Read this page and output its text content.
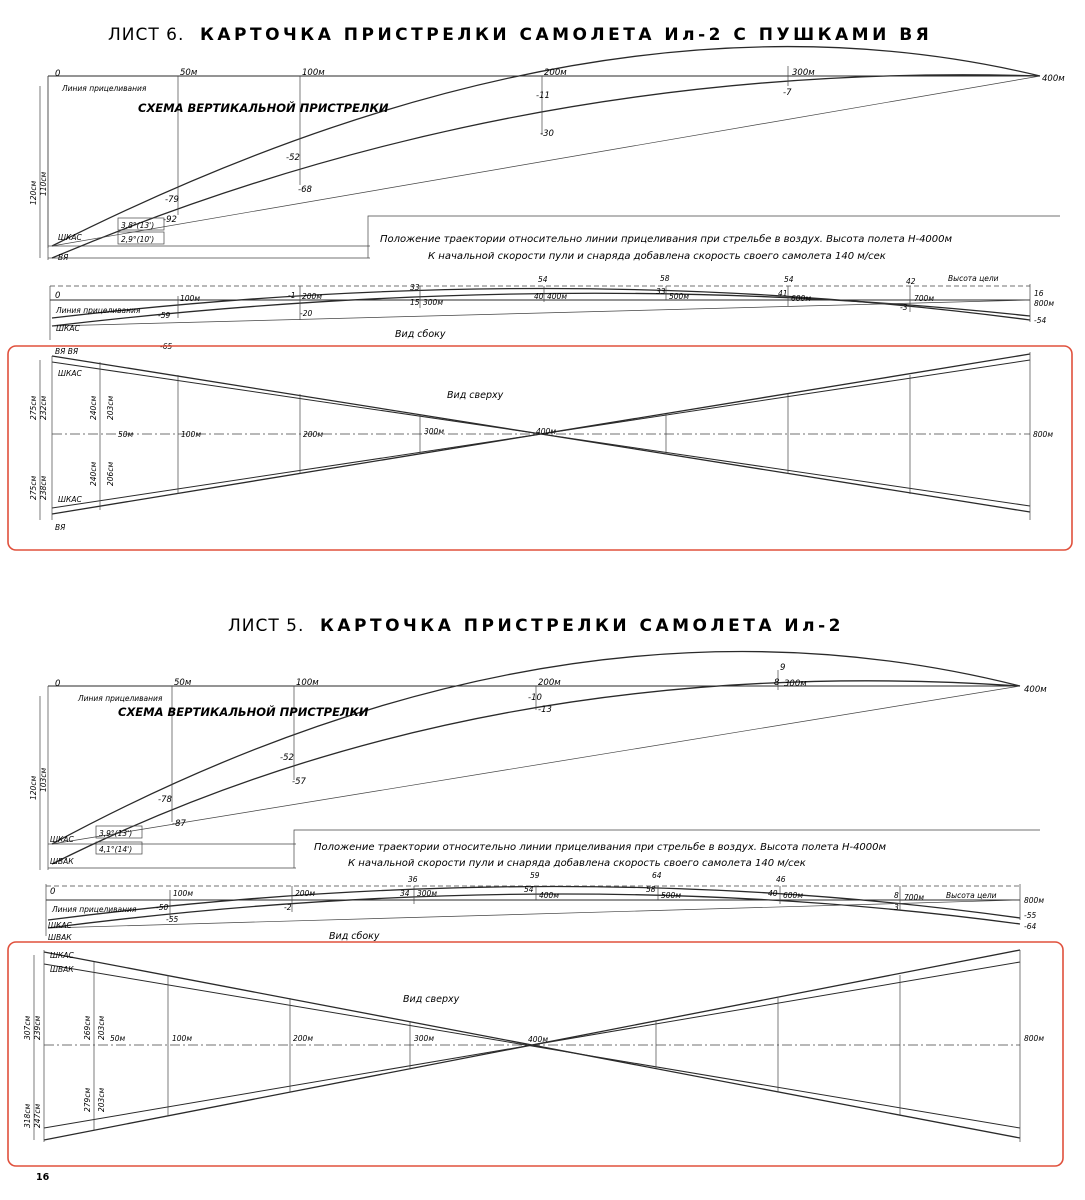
ЛИСТ 6. КАРТОЧКА ПРИСТРЕЛКИ САМОЛЕТА Ил-2 С ПУШКАМИ ВЯ
0
Линия прицеливания
50м	100м	200м	300м
400м
СХЕМА ВЕРТИКАЛЬНОЙ ПРИСТРЕЛКИ
-79
-92
-52
-68
-11
-30
-7
120см 110см
ШКАС
ВЯ
3,8°(13')
2,9°(10')	Положение траектории относительно линии прицеливания при стрельбе в воздух. Высота полета Н-4000м
К начальной скорости пули и снаряда добавлена скорость своего самолета 140 м/сек
0
Линия прицеливания
ШКАС
Вид сбоку
Высота цели
100м	200м
300м
400м	500м	600м	700м
800м
-59
-1
-20
33
15
54
40
58
33
54
41
42
-3
16
-54
-65
ВЯ ВЯ
ШКАС
ШКАС
ВЯ
Вид сверху
50м	100м	200м	300м	400м	800м
275см 232см
275см 238см
240см 203см
240см 206см
ЛИСТ 5. КАРТОЧКА ПРИСТРЕЛКИ САМОЛЕТА Ил-2
0
Линия прицеливания
50м	100м	200м	300м
400м
СХЕМА ВЕРТИКАЛЬНОЙ ПРИСТРЕЛКИ
-78
-87
-52
-57
-10
-13
9
8
120см 103см
ШКАС
ШВАК
3,9°(13')
4,1°(14')	Положение траектории относительно линии прицеливания при стрельбе в воздух. Высота полета Н-4000м
К начальной скорости пули и снаряда добавлена скорость своего самолета 140 м/сек
0
Линия прицеливания
ШКАС
ШВАК	Вид сбоку
Высота цели
100м	200м	300м	400м	500м	600м	700м	800м
-50
-55
-2
36
34
59
54
64
58
46
40	8
3
-55
-64
ШКАС
ШВАК
Вид сверху
50м	100м	200м	300м	400м	800м
307см 239см
318см 247см
269см 203см
279см 203см
16
